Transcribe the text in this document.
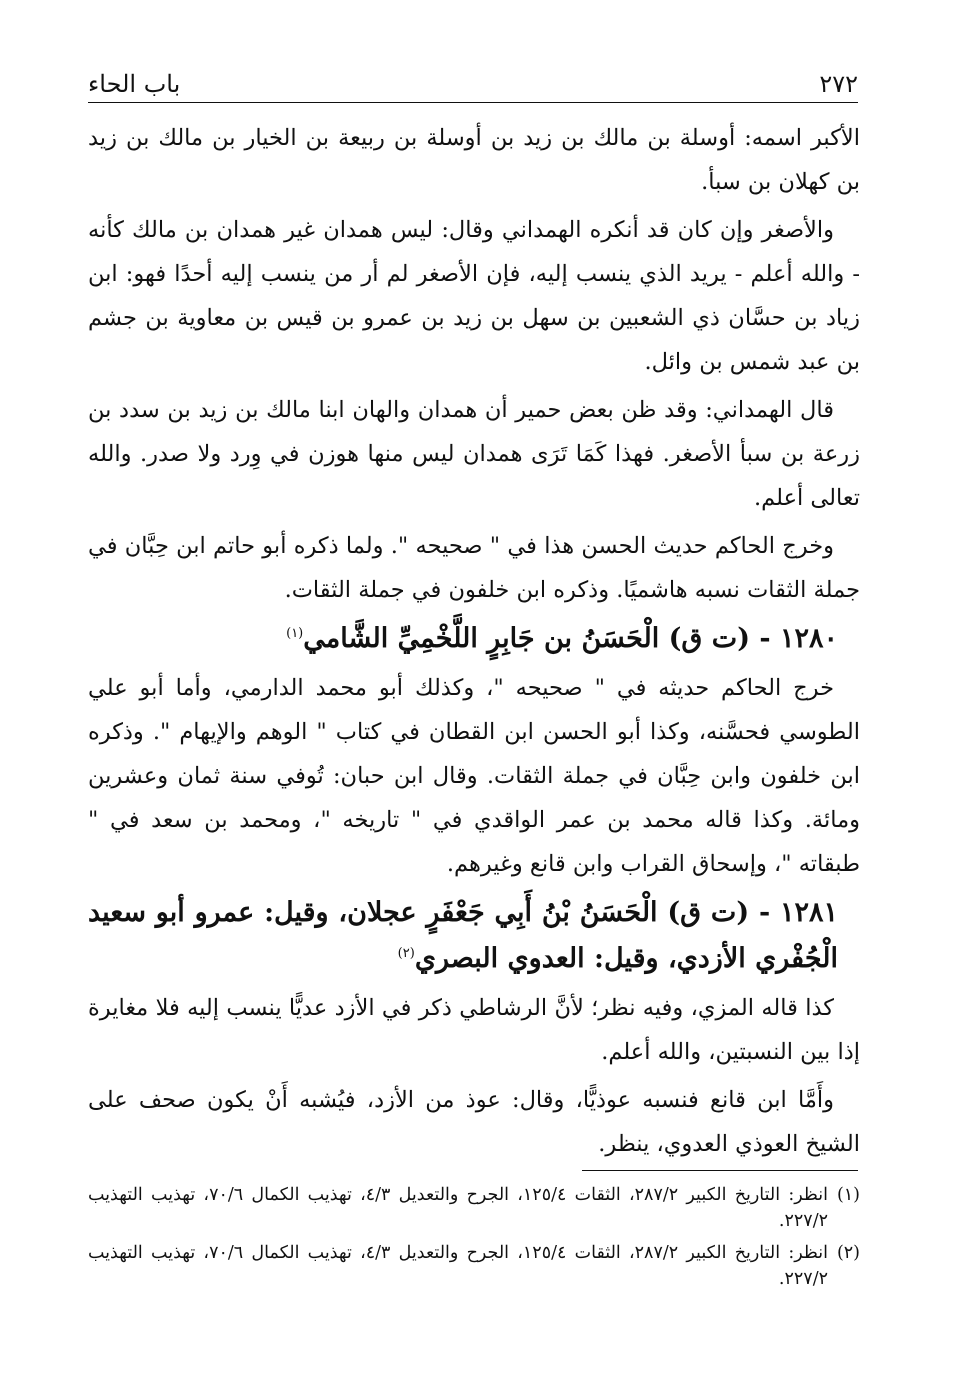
٢٧٢
باب الحاء

الأكبر اسمه: أوسلة بن مالك بن زيد بن أوسلة بن ربيعة بن الخيار بن مالك بن زيد بن كهلان بن سبأ.

والأصغر وإن كان قد أنكره الهمداني وقال: ليس همدان غير همدان بن مالك كأنه - والله أعلم - يريد الذي ينسب إليه، فإن الأصغر لم أر من ينسب إليه أحدًا فهو: ابن زياد بن حسَّان ذي الشعبين بن سهل بن زيد بن عمرو بن قيس بن معاوية بن جشم بن عبد شمس بن وائل.

قال الهمداني: وقد ظن بعض حمير أن همدان والهان ابنا مالك بن زيد بن سدد بن زرعة بن سبأ الأصغر. فهذا كَمَا تَرَى همدان ليس منها هوزن في وِرد ولا صدر. والله تعالى أعلم.

وخرج الحاكم حديث الحسن هذا في " صحيحه ". ولما ذكره أبو حاتم ابن حِبَّان في جملة الثقات نسبه هاشميًا. وذكره ابن خلفون في جملة الثقات.

١٢٨٠ - (ت ق) الْحَسَنُ بن جَابِرٍ اللَّخْمِيِّ الشَّامي$^{(١)}$

خرج الحاكم حديثه في " صحيحه "، وكذلك أبو محمد الدارمي، وأما أبو علي الطوسي فحسَّنه، وكذا أبو الحسن ابن القطان في كتاب " الوهم والإيهام ". وذكره ابن خلفون وابن حِبَّان في جملة الثقات. وقال ابن حبان: تُوفي سنة ثمان وعشرين ومائة. وكذا قاله محمد بن عمر الواقدي في " تاريخه "، ومحمد بن سعد في " طبقاته "، وإسحاق القراب وابن قانع وغيرهم.

١٢٨١ - (ت ق) الْحَسَنُ بْنُ أَبِي جَعْفَرٍ عجلان، وقيل: عمرو أبو سعيد الْجُفْري الأزدي، وقيل: العدوي البصري$^{(٢)}$

كذا قاله المزي، وفيه نظر؛ لأنَّ الرشاطي ذكر في الأزد عديًّا ينسب إليه فلا مغايرة إذا بين النسبتين، والله أعلم.

وأَمَّا ابن قانع فنسبه عوذيًّا، وقال: عوذ من الأزد، فيُشبه أَنْ يكون صحف على الشيخ العوذي العدوي، ينظر.

(١)
انظر: التاريخ الكبير ٢٨٧/٢، الثقات ١٢٥/٤، الجرح والتعديل ٤/٣، تهذيب الكمال ٧٠/٦، تهذيب التهذيب ٢٢٧/٢.
(٢)
انظر: التاريخ الكبير ٢٨٧/٢، الثقات ١٢٥/٤، الجرح والتعديل ٤/٣، تهذيب الكمال ٧٠/٦، تهذيب التهذيب ٢٢٧/٢.
